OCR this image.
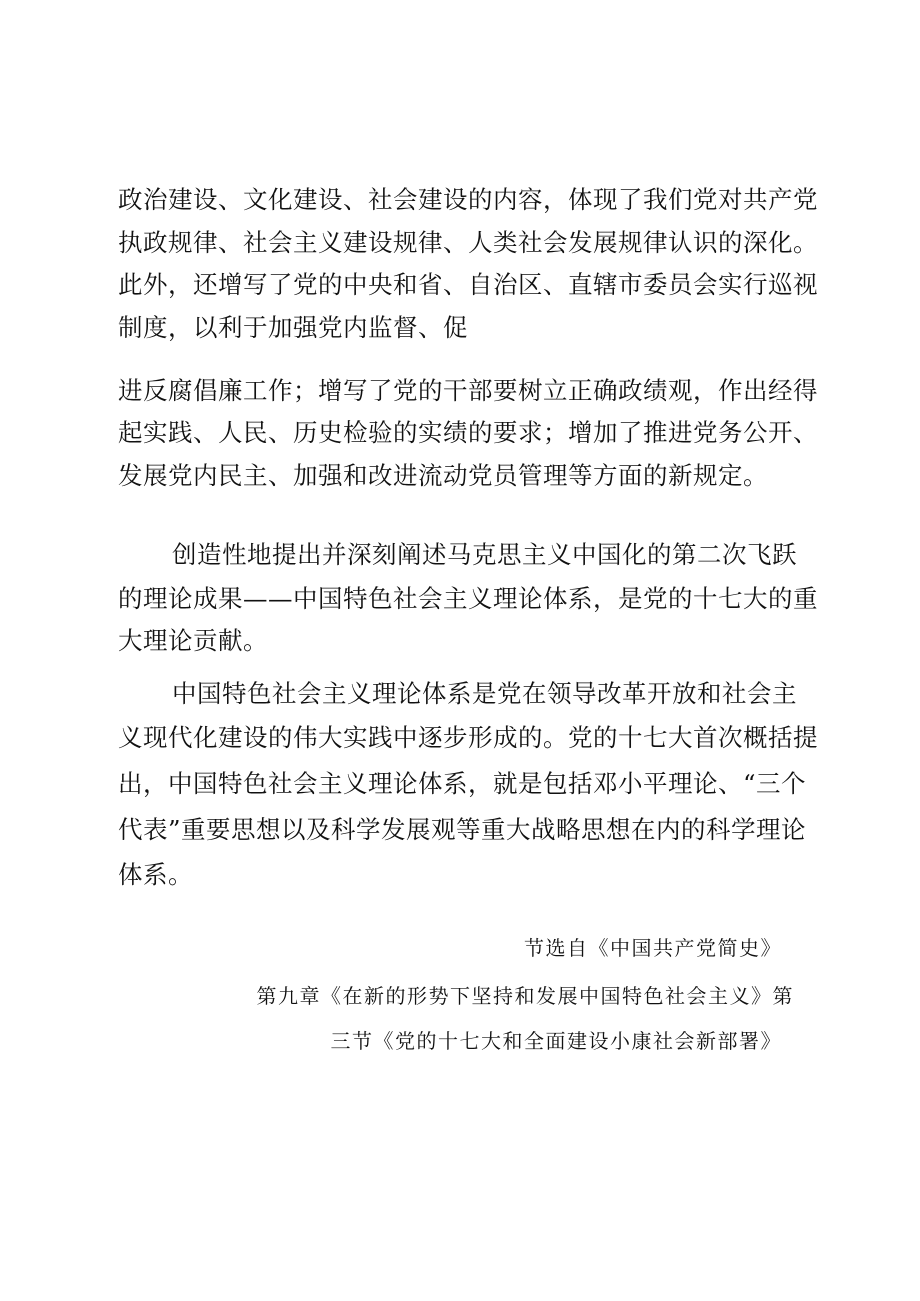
政治建设、文化建设、社会建设的内容，体现了我们党对共产党

执政规律、社会主义建设规律、人类社会发展规律认识的深化。

此外，还增写了党的中央和省、自治区、直辖市委员会实行巡视

制度，以利于加强党内监督、促

进反腐倡廉工作；增写了党的干部要树立正确政绩观，作出经得

起实践、人民、历史检验的实绩的要求；增加了推进党务公开、

发展党内民主、加强和改进流动党员管理等方面的新规定。

创造性地提出并深刻阐述马克思主义中国化的第二次飞跃

的理论成果——中国特色社会主义理论体系，是党的十七大的重

大理论贡献。

中国特色社会主义理论体系是党在领导改革开放和社会主

义现代化建设的伟大实践中逐步形成的。党的十七大首次概括提

出，中国特色社会主义理论体系，就是包括邓小平理论、“三个

代表”重要思想以及科学发展观等重大战略思想在内的科学理论

体系。

节选自《中国共产党简史》

第九章《在新的形势下坚持和发展中国特色社会主义》第

三节《党的十七大和全面建设小康社会新部署》
